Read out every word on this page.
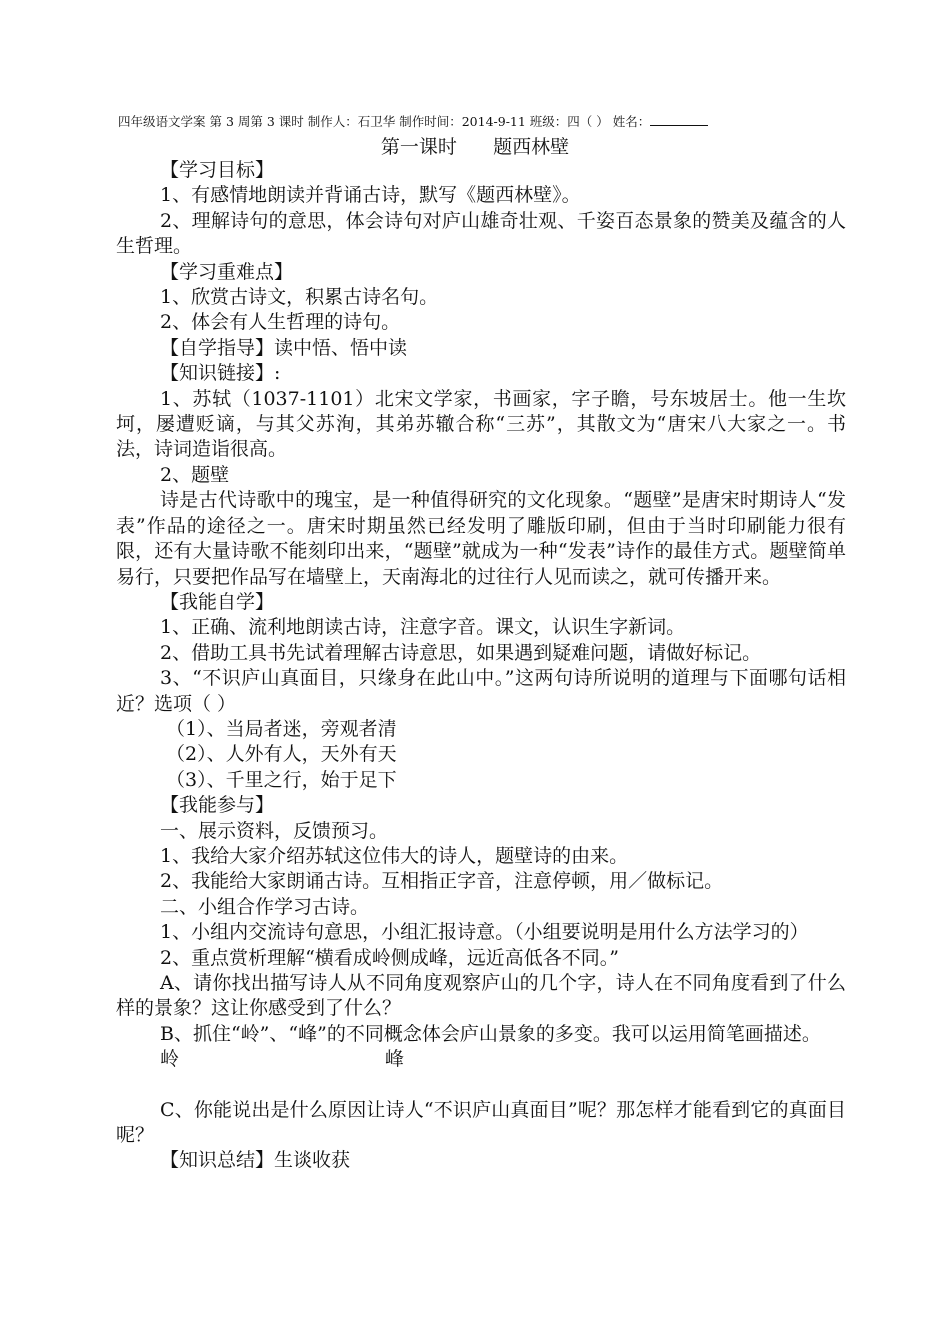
四年级语文学案 第 3 周第 3 课时 制作人：石卫华 制作时间：2014-9-11 班级：四（ ） 姓名：
第一课时      题西林壁

【学习目标】

1、有感情地朗读并背诵古诗，默写《题西林壁》。

2、理解诗句的意思，体会诗句对庐山雄奇壮观、千姿百态景象的赞美及蕴含的人生哲理。

【学习重难点】

1、欣赏古诗文，积累古诗名句。

2、体会有人生哲理的诗句。

【自学指导】读中悟、悟中读

【知识链接】:

1、苏轼（1037-1101）北宋文学家，书画家，字子瞻，号东坡居士。他一生坎坷，屡遭贬谪，与其父苏洵，其弟苏辙合称“三苏”，其散文为“唐宋八大家之一。书法，诗词造诣很高。

2、题壁

诗是古代诗歌中的瑰宝，是一种值得研究的文化现象。“题壁”是唐宋时期诗人“发表”作品的途径之一。唐宋时期虽然已经发明了雕版印刷，但由于当时印刷能力很有限，还有大量诗歌不能刻印出来，“题壁”就成为一种“发表”诗作的最佳方式。题壁简单易行，只要把作品写在墙壁上，天南海北的过往行人见而读之，就可传播开来。

【我能自学】

1、正确、流利地朗读古诗，注意字音。课文，认识生字新词。

2、借助工具书先试着理解古诗意思，如果遇到疑难问题，请做好标记。

3、“不识庐山真面目，只缘身在此山中。”这两句诗所说明的道理与下面哪句话相近？选项（ ）

（1）、当局者迷，旁观者清

（2）、人外有人，天外有天

（3）、千里之行，始于足下

【我能参与】

一、展示资料，反馈预习。

1、我给大家介绍苏轼这位伟大的诗人，题壁诗的由来。

2、我能给大家朗诵古诗。互相指正字音，注意停顿，用／做标记。

二、小组合作学习古诗。

1、小组内交流诗句意思，小组汇报诗意。（小组要说明是用什么方法学习的）

2、重点赏析理解“横看成岭侧成峰，远近高低各不同。”

A、请你找出描写诗人从不同角度观察庐山的几个字，诗人在不同角度看到了什么样的景象？这让你感受到了什么？

B、抓住“岭”、“峰”的不同概念体会庐山景象的多变。我可以运用简笔画描述。

岭	峰

C、你能说出是什么原因让诗人“不识庐山真面目”呢？那怎样才能看到它的真面目呢？

【知识总结】生谈收获
